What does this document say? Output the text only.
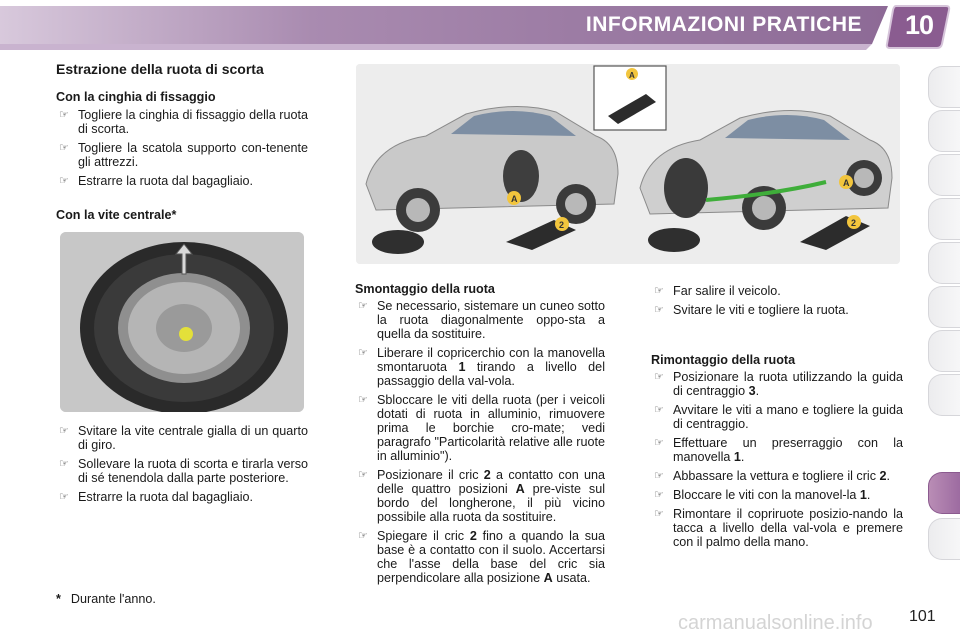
INFORMAZIONI PRATICHE	10
Estrazione della ruota di scorta
Con la cinghia di fissaggio

☞ Togliere la cinghia di fissaggio della ruota di scorta.

☞ Togliere la scatola supporto con-tenente gli attrezzi.

☞ Estrarre la ruota dal bagagliaio.

Con la vite centrale*

☞ Svitare la vite centrale gialla di un quarto di giro.

☞ Sollevare la ruota di scorta e tirarla verso di sé tenendola dalla parte posteriore.

☞ Estrarre la ruota dal bagagliaio.

* Durante l'anno.
2
A
A
2
A
Smontaggio della ruota

☞ Se necessario, sistemare un cuneo sotto la ruota diagonalmente oppo-sta a quella da sostituire.

☞ Liberare il copricerchio con la manovella smontaruota 1 tirando a livello del passaggio della val-vola.

☞ Sbloccare le viti della ruota (per i veicoli dotati di ruota in alluminio, rimuovere prima le borchie cro-mate; vedi paragrafo "Particolarità relative alle ruote in alluminio").

☞ Posizionare il cric 2 a contatto con una delle quattro posizioni A pre-viste sul bordo del longherone, il più vicino possibile alla ruota da sostituire.

☞ Spiegare il cric 2 fino a quando la sua base è a contatto con il suolo. Accertarsi che l'asse della base del cric sia perpendicolare alla posizione A usata.

☞ Far salire il veicolo.

☞ Svitare le viti e togliere la ruota.

Rimontaggio della ruota

☞ Posizionare la ruota utilizzando la guida di centraggio 3.

☞ Avvitare le viti a mano e togliere la guida di centraggio.

☞ Effettuare un preserraggio con la manovella 1.

☞ Abbassare la vettura e togliere il cric 2.

☞ Bloccare le viti con la manovel-la 1.

☞ Rimontare il copriruote posizio-nando la tacca a livello della val-vola e premere con il palmo della mano.

carmanualsonline.info 101
